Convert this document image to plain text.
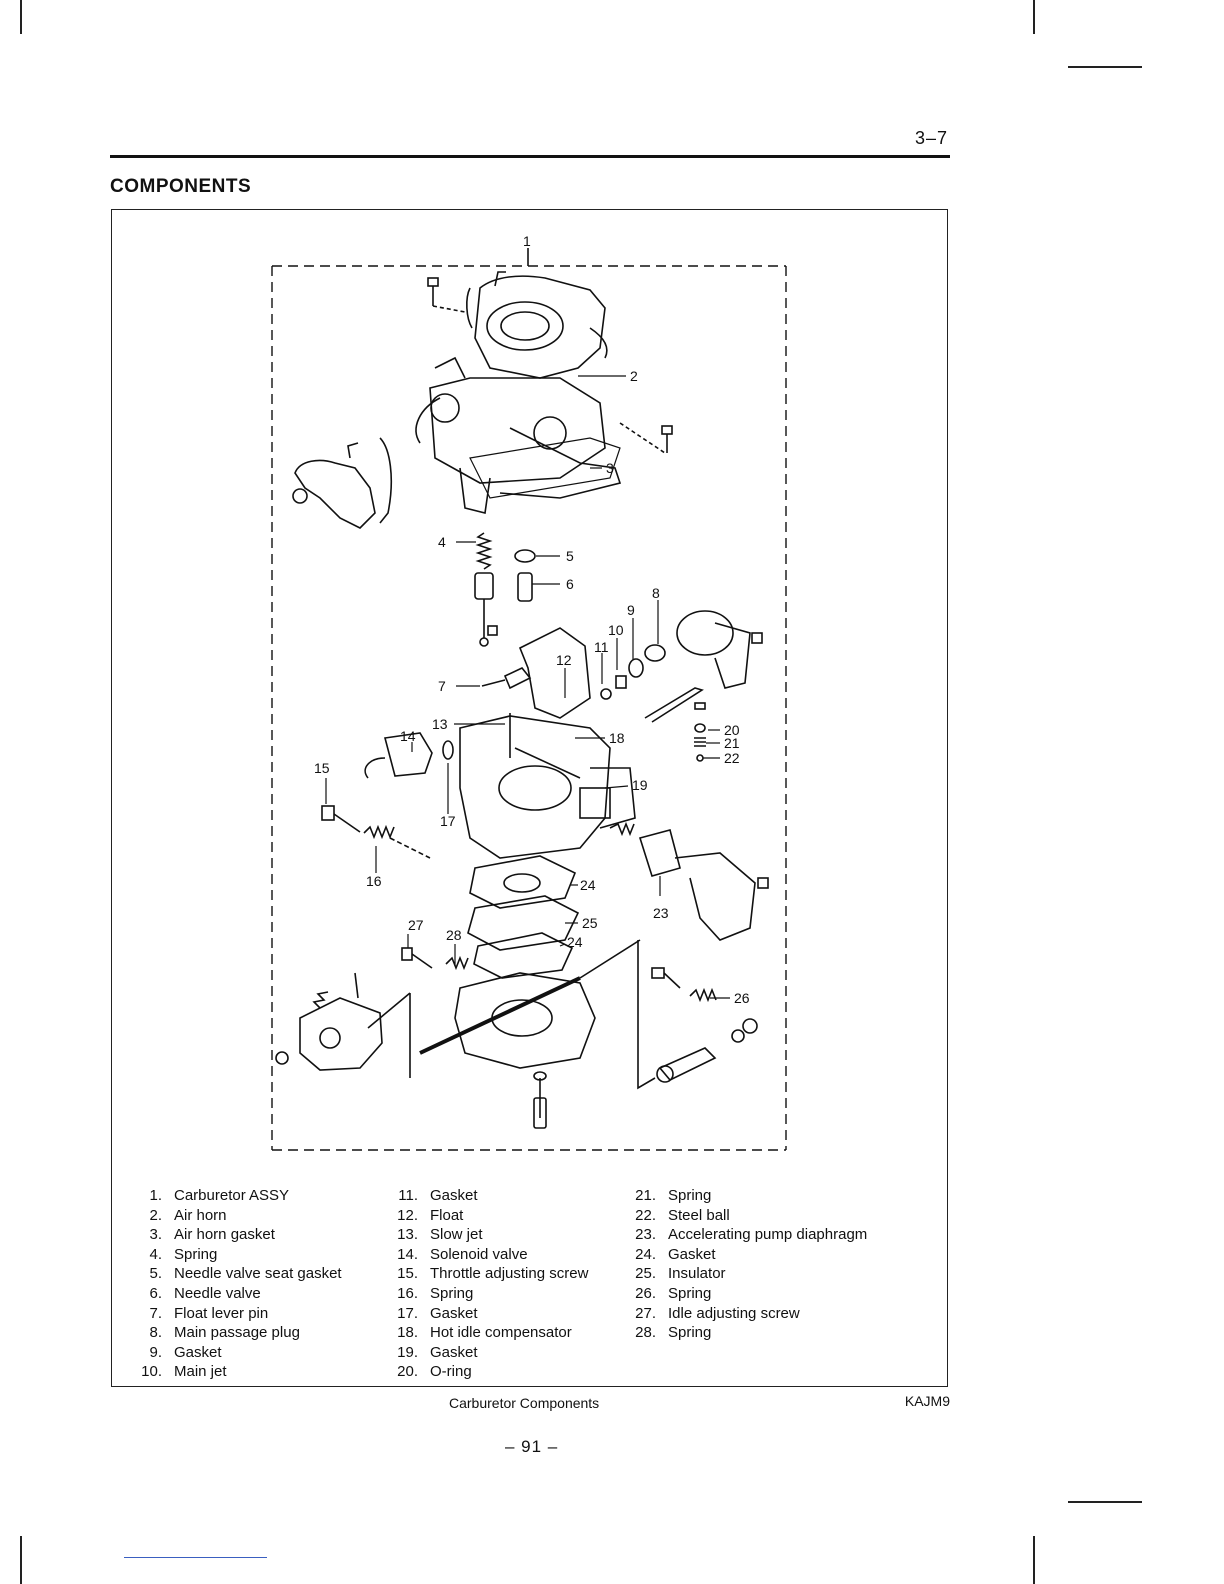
3–7
COMPONENTS
1
2
3
4
5
6
7
8
9
10
11
12
13
14
15
16
17
18
19
20
21
22
23
24
25
24
26
27
28
1. Carburetor ASSY
2. Air horn
3. Air horn gasket
4. Spring
5. Needle valve seat gasket
6. Needle valve
7. Float lever pin
8. Main passage plug
9. Gasket
10. Main jet
11. Gasket
12. Float
13. Slow jet
14. Solenoid valve
15. Throttle adjusting screw
16. Spring
17. Gasket
18. Hot idle compensator
19. Gasket
20. O-ring
21. Spring
22. Steel ball
23. Accelerating pump diaphragm
24. Gasket
25. Insulator
26. Spring
27. Idle adjusting screw
28. Spring
Carburetor Components	KAJM9
– 91 –
